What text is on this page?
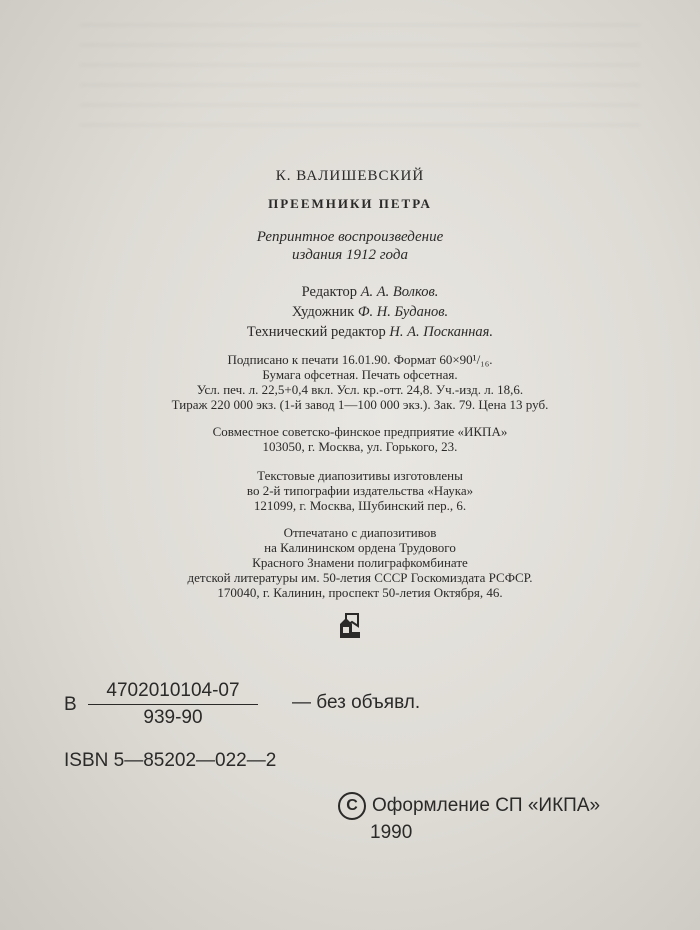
К. ВАЛИШЕВСКИЙ
ПРЕЕМНИКИ ПЕТРА
Репринтное воспроизведение
издания 1912 года
Редактор А. А. Волков.
Художник Ф. Н. Буданов.
Технический редактор Н. А. Посканная.
Подписано к печати 16.01.90. Формат 60×90¹/₁₆.
Бумага офсетная. Печать офсетная.
Усл. печ. л. 22,5+0,4 вкл. Усл. кр.-отт. 24,8. Уч.-изд. л. 18,6.
Тираж 220 000 экз. (1-й завод 1—100 000 экз.). Зак. 79. Цена 13 руб.
Совместное советско-финское предприятие «ИКПА»
103050, г. Москва, ул. Горького, 23.
Текстовые диапозитивы изготовлены
во 2-й типографии издательства «Наука»
121099, г. Москва, Шубинский пер., 6.
Отпечатано с диапозитивов
на Калининском ордена Трудового
Красного Знамени полиграфкомбинате
детской литературы им. 50-летия СССР Госкомиздата РСФСР.
170040, г. Калинин, проспект 50-летия Октября, 46.
В $\frac{4702010104-07}{939-90}$ — без объявл.
ISBN 5—85202—022—2
C Оформление СП «ИКПА»
1990
